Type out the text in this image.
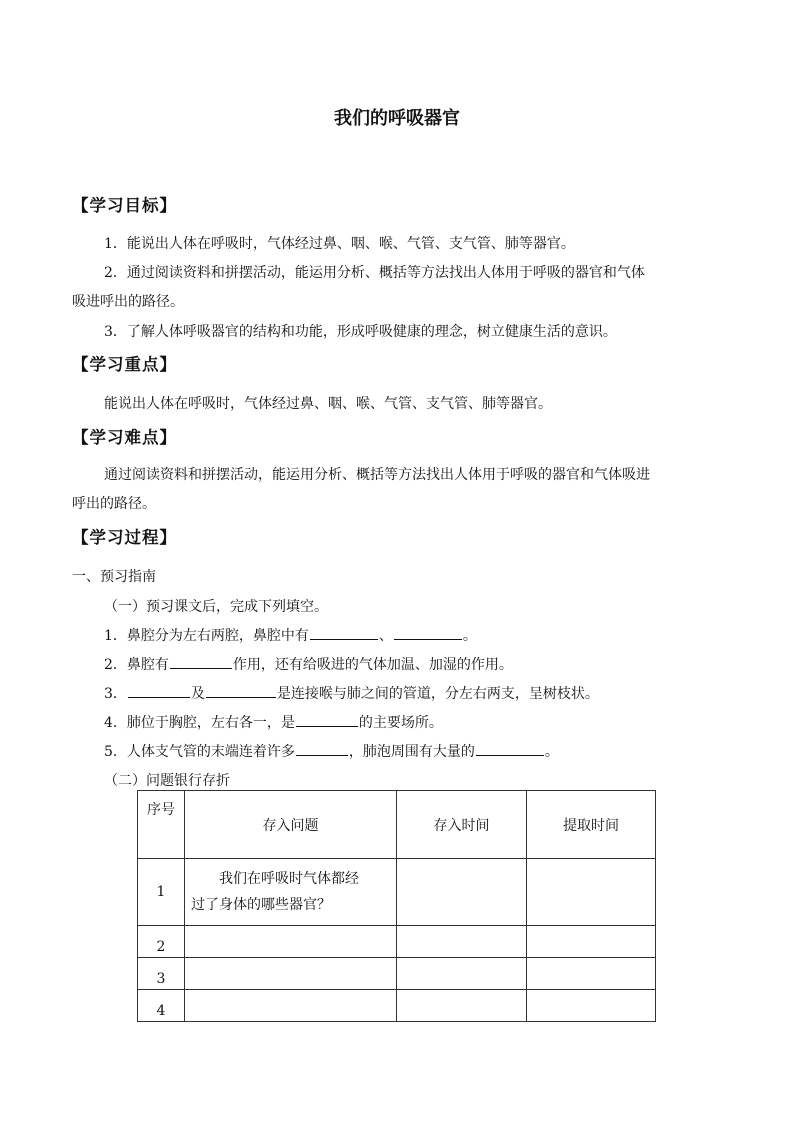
我们的呼吸器官
【学习目标】
1．能说出人体在呼吸时，气体经过鼻、咽、喉、气管、支气管、肺等器官。
2．通过阅读资料和拼摆活动，能运用分析、概括等方法找出人体用于呼吸的器官和气体
吸进呼出的路径。
3．了解人体呼吸器官的结构和功能，形成呼吸健康的理念，树立健康生活的意识。
【学习重点】
能说出人体在呼吸时，气体经过鼻、咽、喉、气管、支气管、肺等器官。
【学习难点】
通过阅读资料和拼摆活动，能运用分析、概括等方法找出人体用于呼吸的器官和气体吸进
呼出的路径。
【学习过程】
一、预习指南
（一）预习课文后，完成下列填空。
1．鼻腔分为左右两腔，鼻腔中有	、	。
2．鼻腔有	作用，还有给吸进的气体加温、加湿的作用。
3．	及	是连接喉与肺之间的管道，分左右两支，呈树枝状。
4．肺位于胸腔，左右各一，是	的主要场所。
5．人体支气管的末端连着许多	，肺泡周围有大量的	。
（二）问题银行存折
序号	存入问题	存入时间	提取时间
1	我们在呼吸时气体都经
过了身体的哪些器官？		

2			
3			
4			
